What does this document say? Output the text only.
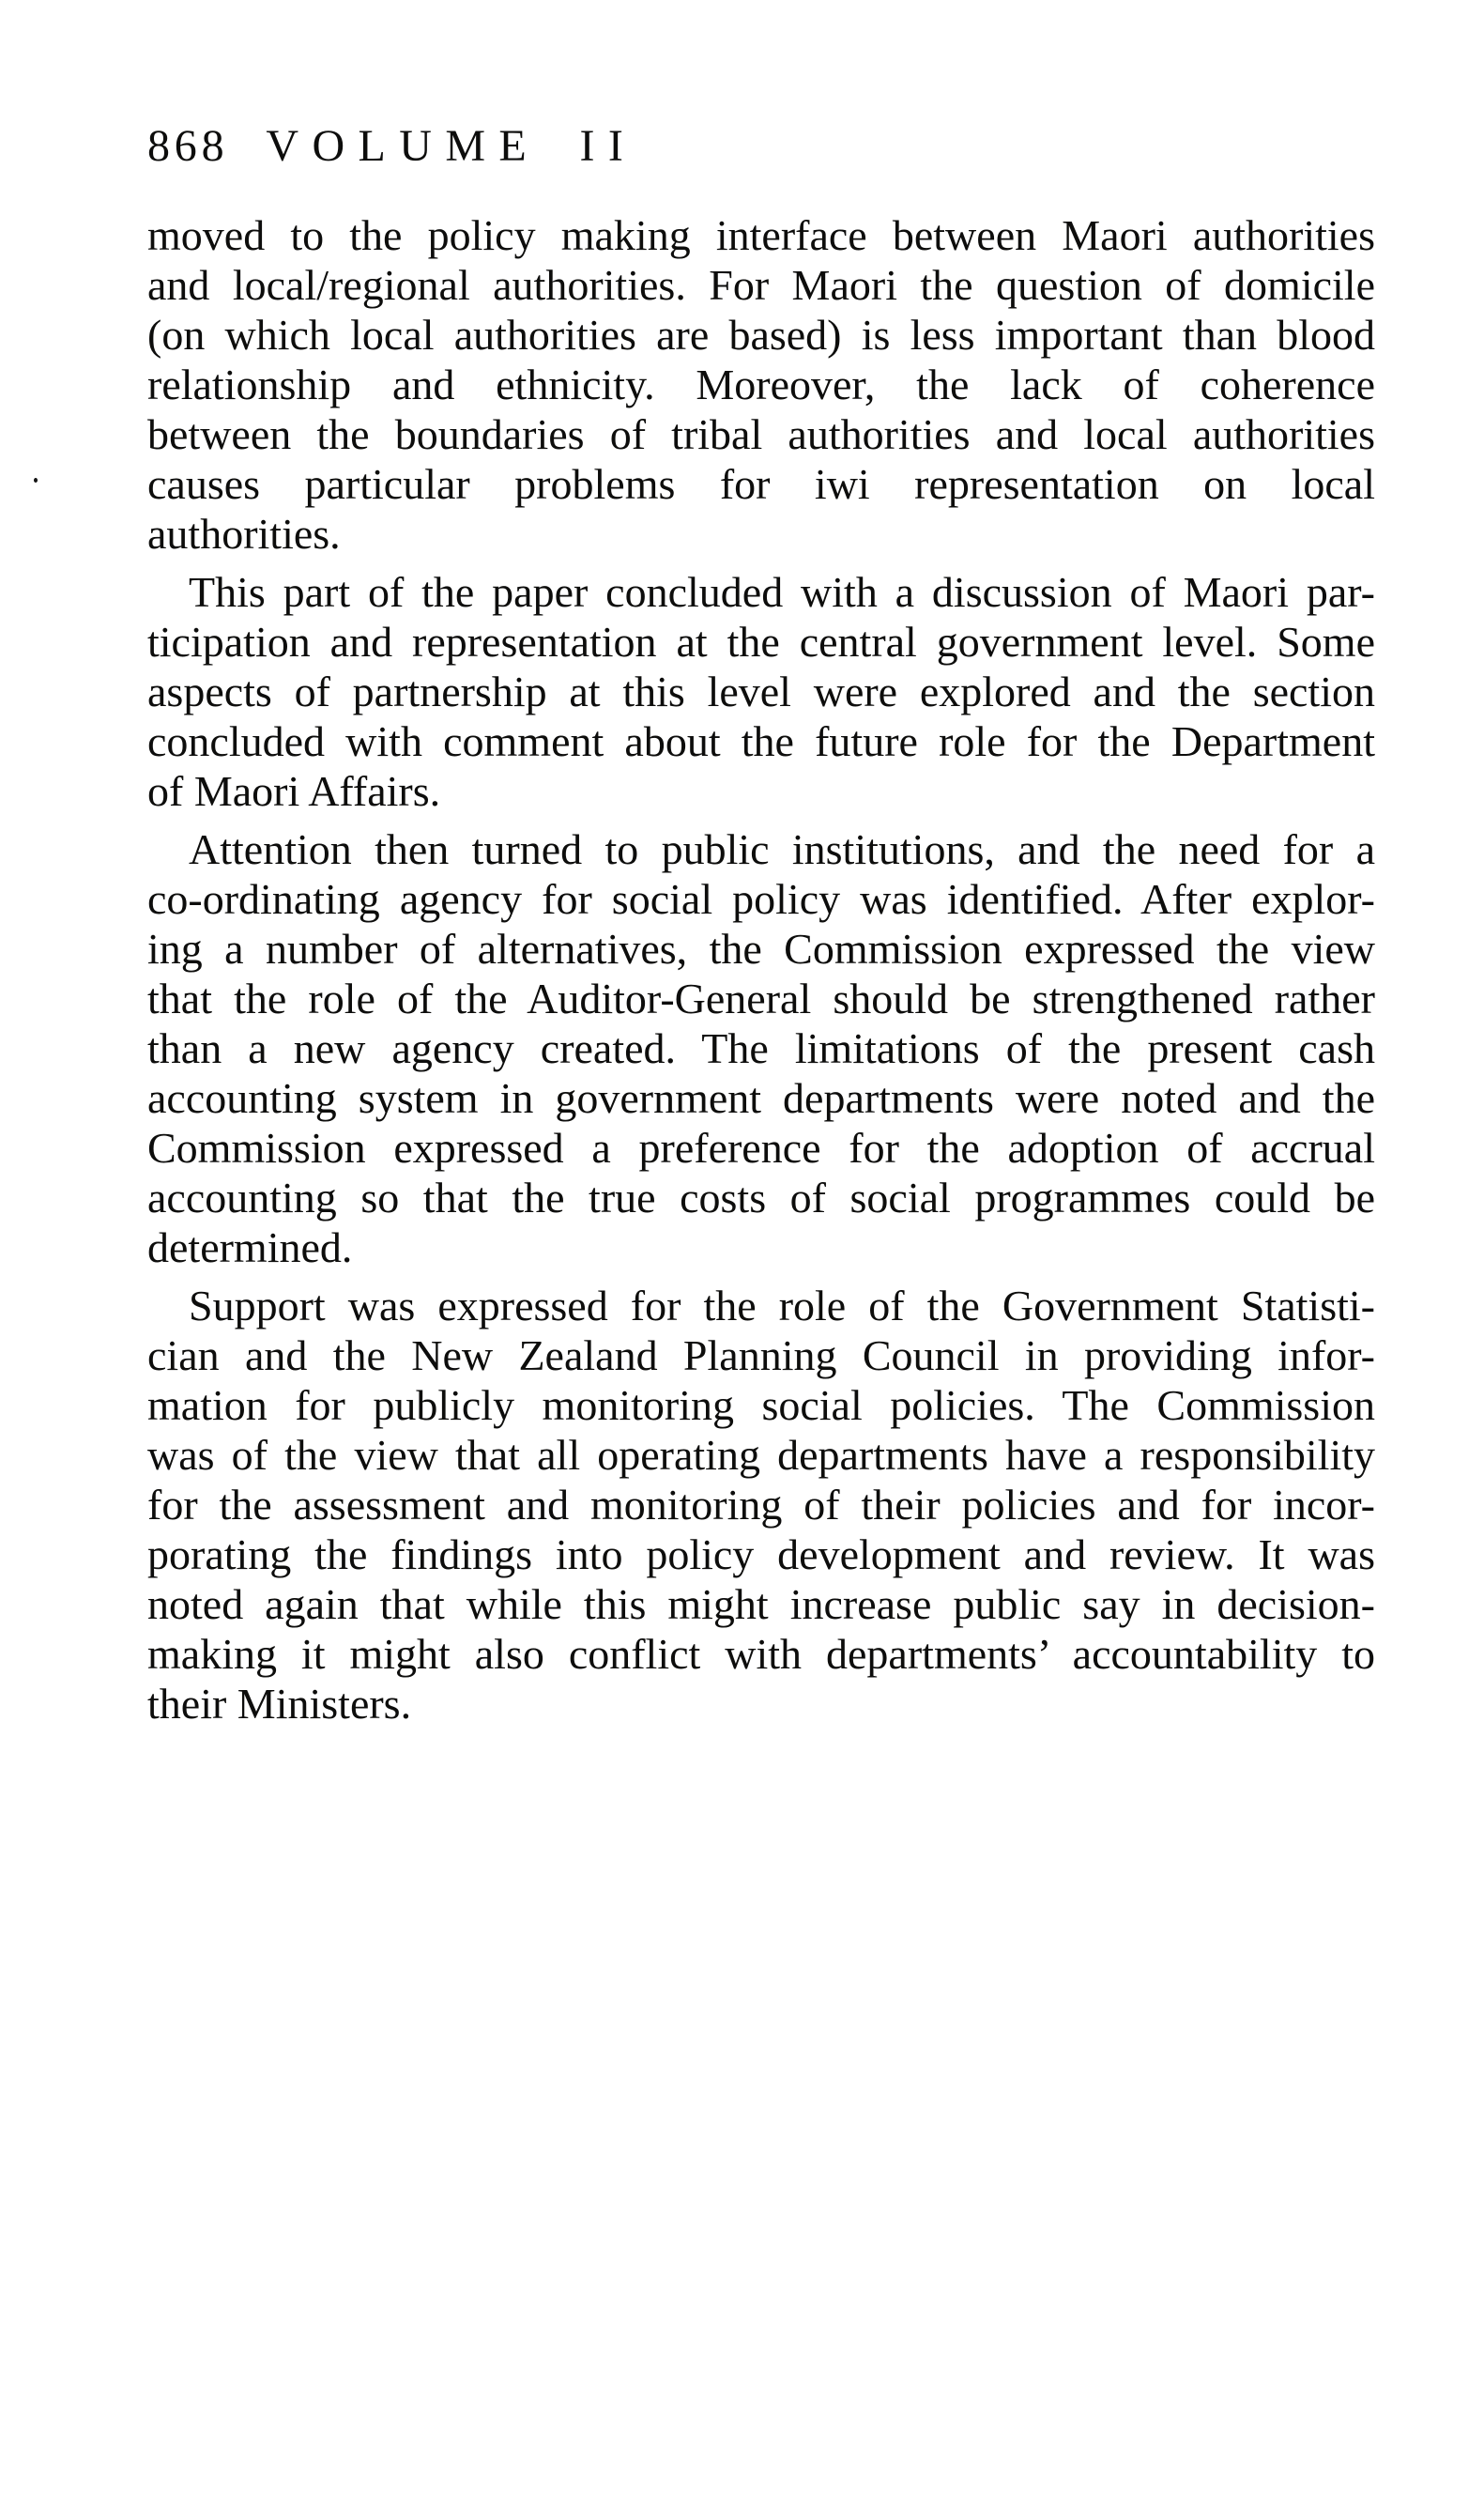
868 VOLUME II
moved to the policy making interface between Maori authorities
and local/regional authorities. For Maori the question of domicile
(on which local authorities are based) is less important than blood
relationship and ethnicity. Moreover, the lack of coherence
between the boundaries of tribal authorities and local authorities
causes particular problems for iwi representation on local
authorities.
This part of the paper concluded with a discussion of Maori par-
ticipation and representation at the central government level. Some
aspects of partnership at this level were explored and the section
concluded with comment about the future role for the Department
of Maori Affairs.
Attention then turned to public institutions, and the need for a
co-ordinating agency for social policy was identified. After explor-
ing a number of alternatives, the Commission expressed the view
that the role of the Auditor-General should be strengthened rather
than a new agency created. The limitations of the present cash
accounting system in government departments were noted and the
Commission expressed a preference for the adoption of accrual
accounting so that the true costs of social programmes could be
determined.
Support was expressed for the role of the Government Statisti-
cian and the New Zealand Planning Council in providing infor-
mation for publicly monitoring social policies. The Commission
was of the view that all operating departments have a responsibility
for the assessment and monitoring of their policies and for incor-
porating the findings into policy development and review. It was
noted again that while this might increase public say in decision-
making it might also conflict with departments’ accountability to
their Ministers.
